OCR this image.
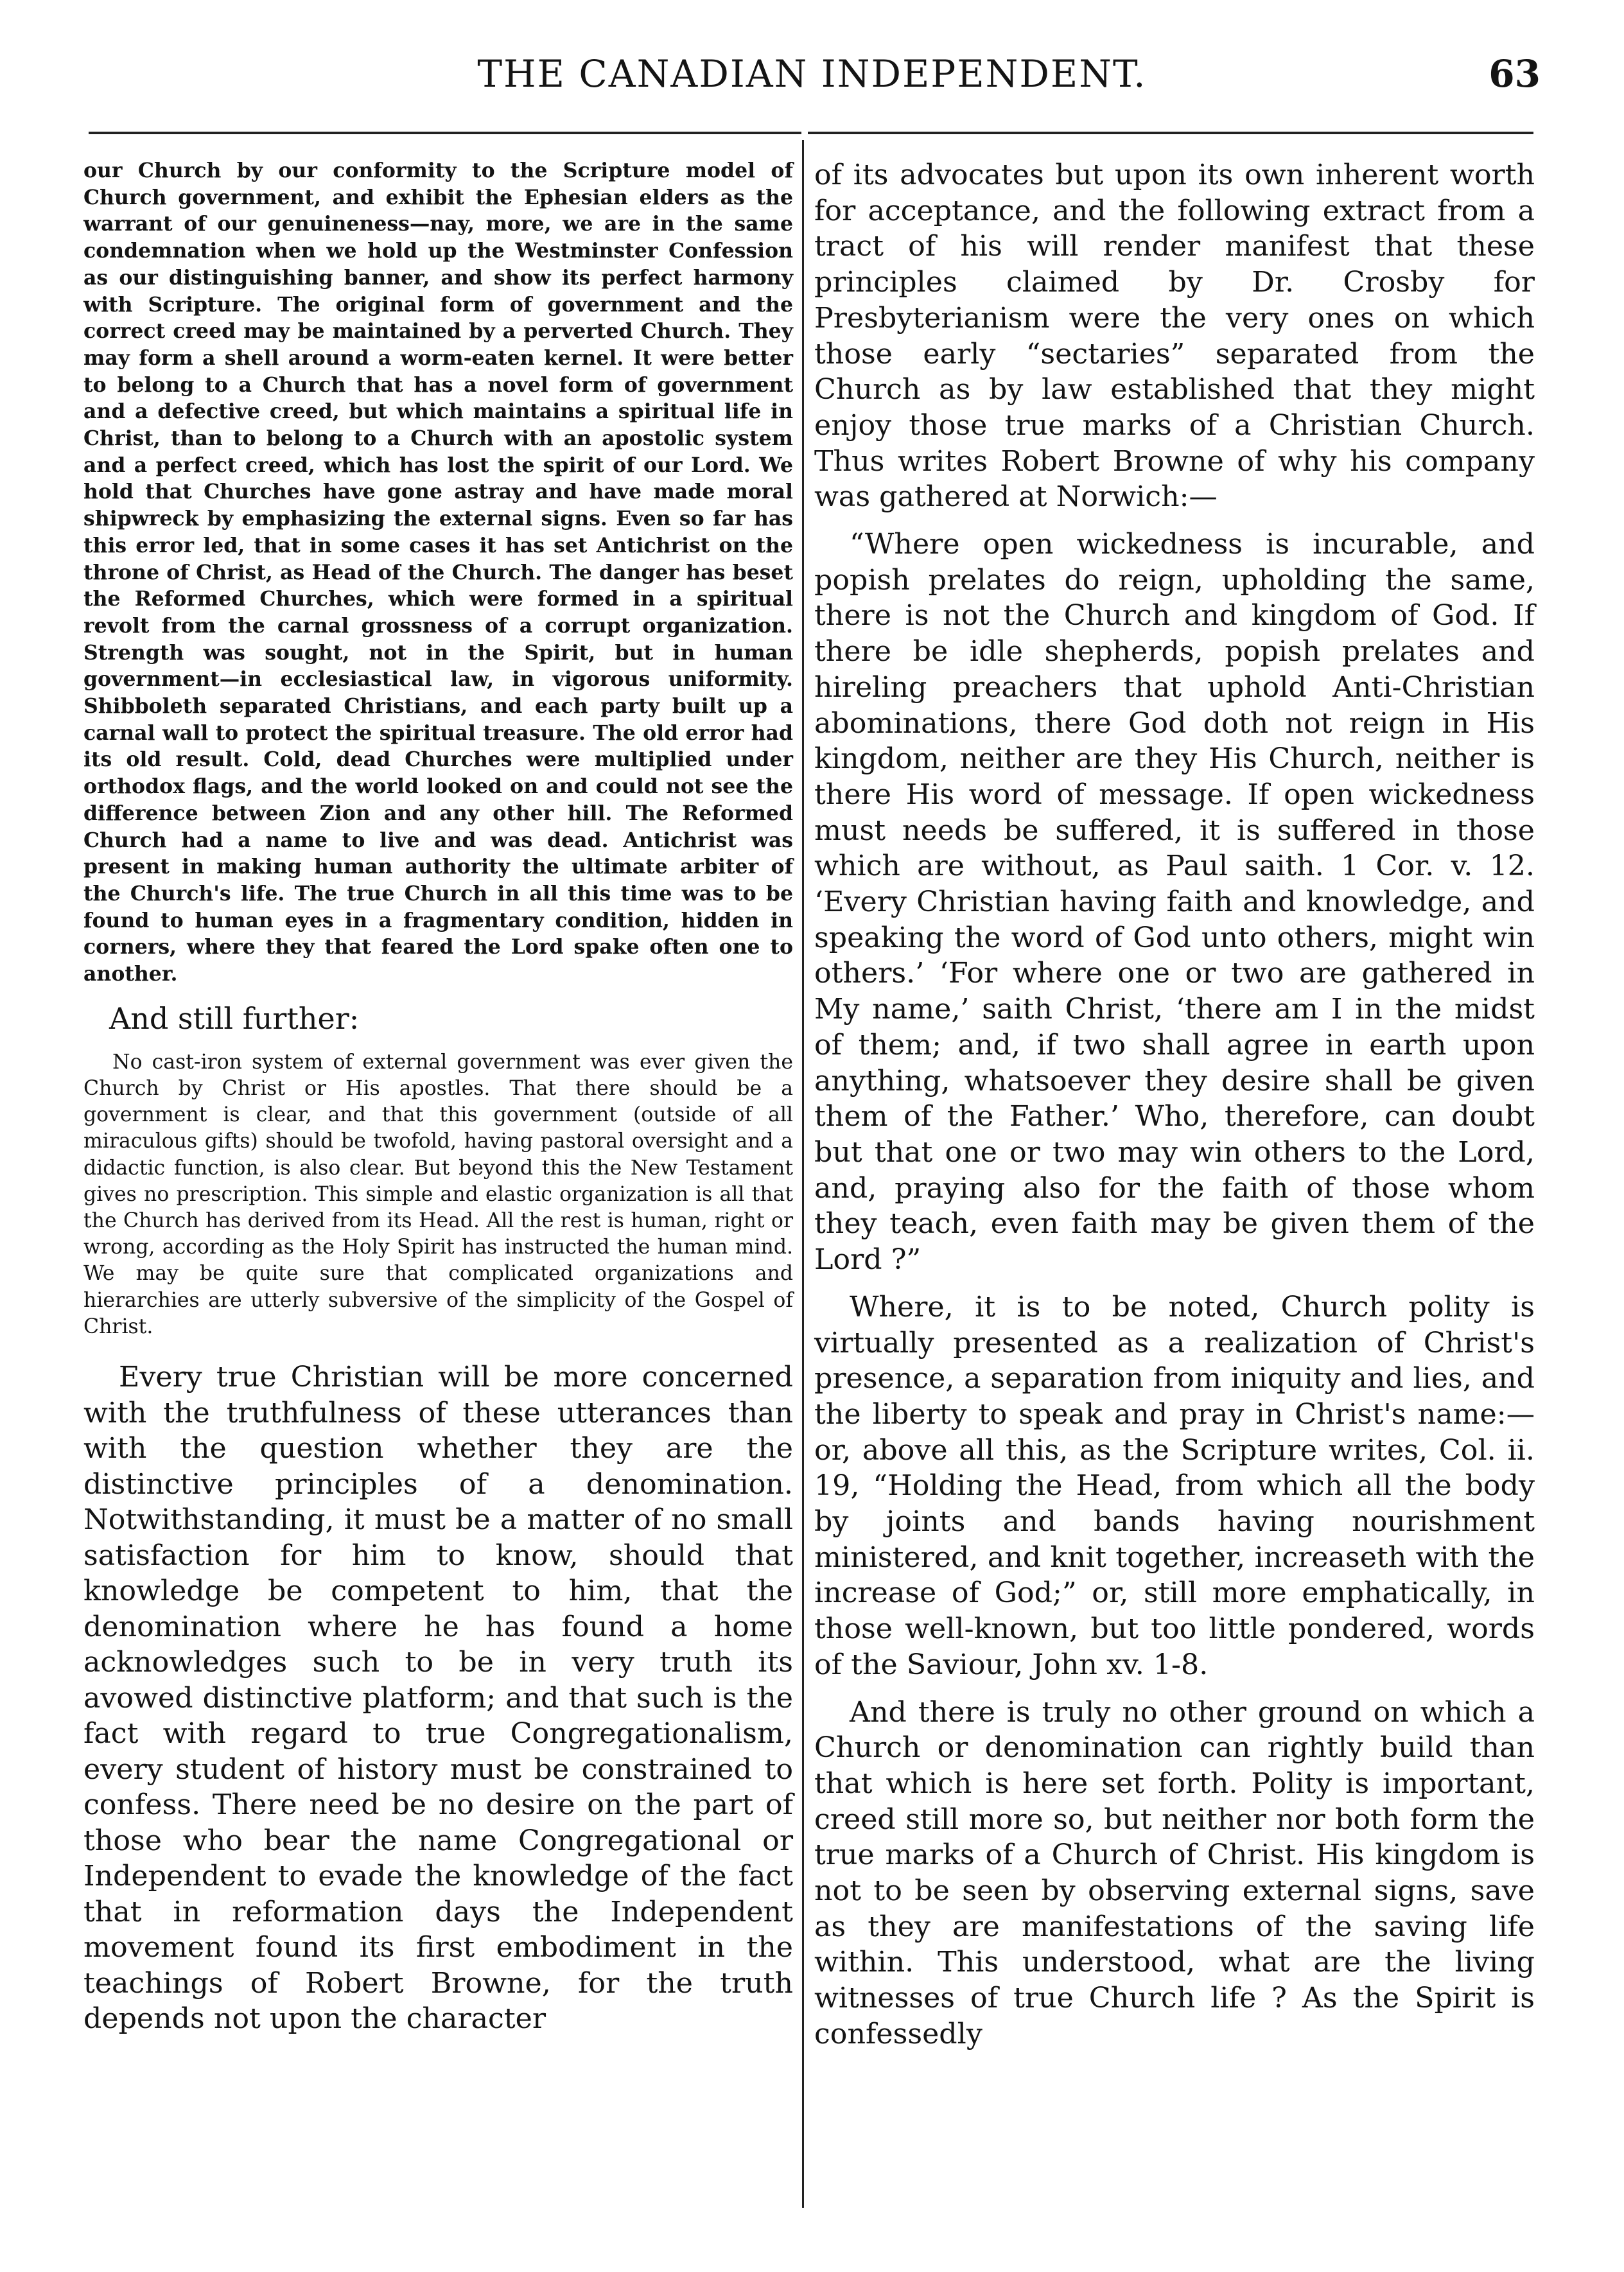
THE CANADIAN INDEPENDENT.	63

our Church by our conformity to the Scripture model of Church government, and exhibit the Ephesian elders as the warrant of our genuineness—nay, more, we are in the same condemnation when we hold up the Westminster Confession as our distinguishing banner, and show its perfect harmony with Scripture. The original form of government and the correct creed may be maintained by a perverted Church. They may form a shell around a worm-eaten kernel. It were better to belong to a Church that has a novel form of government and a defective creed, but which maintains a spiritual life in Christ, than to belong to a Church with an apostolic system and a perfect creed, which has lost the spirit of our Lord. We hold that Churches have gone astray and have made moral shipwreck by emphasizing the external signs. Even so far has this error led, that in some cases it has set Antichrist on the throne of Christ, as Head of the Church. The danger has beset the Reformed Churches, which were formed in a spiritual revolt from the carnal grossness of a corrupt organization. Strength was sought, not in the Spirit, but in human government—in ecclesiastical law, in vigorous uniformity. Shibboleth separated Christians, and each party built up a carnal wall to protect the spiritual treasure. The old error had its old result. Cold, dead Churches were multiplied under orthodox flags, and the world looked on and could not see the difference between Zion and any other hill. The Reformed Church had a name to live and was dead. Antichrist was present in making human authority the ultimate arbiter of the Church's life. The true Church in all this time was to be found to human eyes in a fragmentary condition, hidden in corners, where they that feared the Lord spake often one to another.

And still further:

No cast-iron system of external government was ever given the Church by Christ or His apostles. That there should be a government is clear, and that this government (outside of all miraculous gifts) should be twofold, having pastoral oversight and a didactic function, is also clear. But beyond this the New Testament gives no prescription. This simple and elastic organization is all that the Church has derived from its Head. All the rest is human, right or wrong, according as the Holy Spirit has instructed the human mind. We may be quite sure that complicated organizations and hierarchies are utterly subversive of the simplicity of the Gospel of Christ.

Every true Christian will be more concerned with the truthfulness of these utterances than with the question whether they are the distinctive principles of a denomination. Notwithstanding, it must be a matter of no small satisfaction for him to know, should that knowledge be competent to him, that the denomination where he has found a home acknowledges such to be in very truth its avowed distinctive platform; and that such is the fact with regard to true Congregationalism, every student of history must be constrained to confess. There need be no desire on the part of those who bear the name Congregational or Independent to evade the knowledge of the fact that in reformation days the Independent movement found its first embodiment in the teachings of Robert Browne, for the truth depends not upon the character

of its advocates but upon its own inherent worth for acceptance, and the following extract from a tract of his will render manifest that these principles claimed by Dr. Crosby for Presbyterianism were the very ones on which those early “sectaries” separated from the Church as by law established that they might enjoy those true marks of a Christian Church. Thus writes Robert Browne of why his company was gathered at Norwich:—

“Where open wickedness is incurable, and popish prelates do reign, upholding the same, there is not the Church and kingdom of God. If there be idle shepherds, popish prelates and hireling preachers that uphold Anti-Christian abominations, there God doth not reign in His kingdom, neither are they His Church, neither is there His word of message. If open wickedness must needs be suffered, it is suffered in those which are without, as Paul saith. 1 Cor. v. 12. ‘Every Christian having faith and knowledge, and speaking the word of God unto others, might win others.’ ‘For where one or two are gathered in My name,’ saith Christ, ‘there am I in the midst of them; and, if two shall agree in earth upon anything, whatsoever they desire shall be given them of the Father.’ Who, therefore, can doubt but that one or two may win others to the Lord, and, praying also for the faith of those whom they teach, even faith may be given them of the Lord ?”

Where, it is to be noted, Church polity is virtually presented as a realization of Christ's presence, a separation from iniquity and lies, and the liberty to speak and pray in Christ's name:—or, above all this, as the Scripture writes, Col. ii. 19, “Holding the Head, from which all the body by joints and bands having nourishment ministered, and knit together, increaseth with the increase of God;” or, still more emphatically, in those well-known, but too little pondered, words of the Saviour, John xv. 1-8.

And there is truly no other ground on which a Church or denomination can rightly build than that which is here set forth. Polity is important, creed still more so, but neither nor both form the true marks of a Church of Christ. His kingdom is not to be seen by observing external signs, save as they are manifestations of the saving life within. This understood, what are the living witnesses of true Church life ? As the Spirit is confessedly
